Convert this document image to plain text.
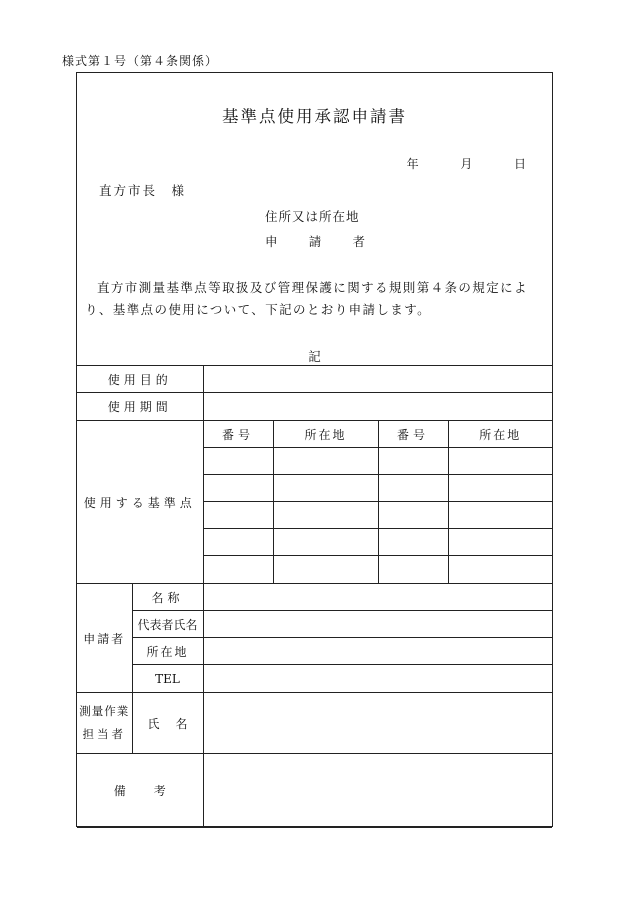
様式第１号（第４条関係）
基準点使用承認申請書
年	月	日
直方市長　様
住所又は所在地
申 請 者
直方市測量基準点等取扱及び管理保護に関する規則第４条の規定により、基準点の使用について、下記のとおり申請します。
記
使用目的					
使用期間					
使用する基準点		番号	所在地	番号	所在地

申請者	名称				
	代表者氏名				
	所在地				
	TEL				

測量作業
担当者	氏 名				
備 考					
